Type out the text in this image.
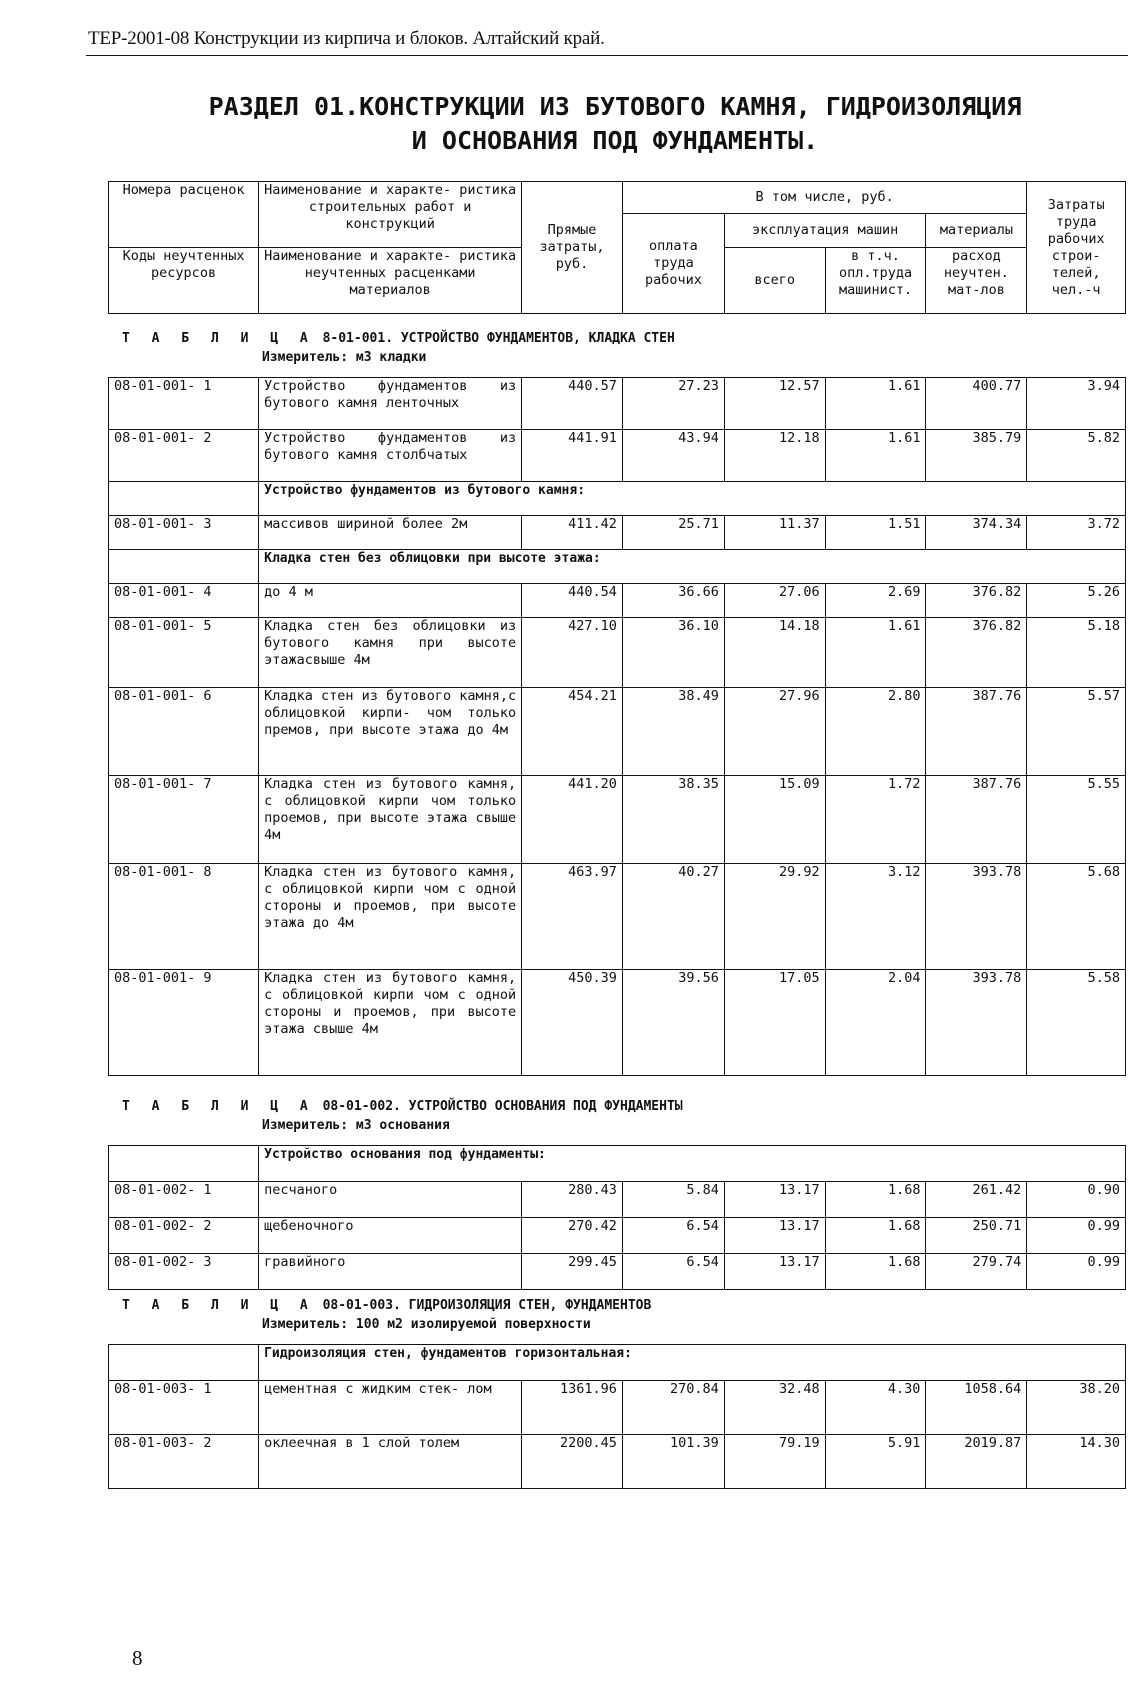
ТЕР-2001-08 Конструкции из кирпича и блоков. Алтайский край.
РАЗДЕЛ 01.КОНСТРУКЦИИ ИЗ БУТОВОГО КАМНЯ, ГИДРОИЗОЛЯЦИЯ
И ОСНОВАНИЯ ПОД ФУНДАМЕНТЫ.
Номера расценок	Наименование и характе- ристика строительных работ и конструкций	Прямые затраты, руб.	В том числе, руб.				Затраты труда рабочих строи- телей, чел.-ч
			оплата труда рабочих	эксплуатация машин		материалы	
Коды неучтенных ресурсов	Наименование и характе- ристика неучтенных расценками материалов			всего	в т.ч. опл.труда машинист.	расход неучтен. мат-лов	
Т А Б Л И Ц А 8-01-001. УСТРОЙСТВО ФУНДАМЕНТОВ, КЛАДКА СТЕН
Измеритель: м3 кладки
08-01-001- 1	Устройство фундаментов из бутового камня ленточных	440.57	27.23	12.57	1.61	400.77	3.94
08-01-001- 2	Устройство фундаментов из бутового камня столбчатых	441.91	43.94	12.18	1.61	385.79	5.82
	Устройство фундаментов из бутового камня:						
08-01-001- 3	массивов шириной более 2м	411.42	25.71	11.37	1.51	374.34	3.72
	Кладка стен без облицовки при высоте этажа:						
08-01-001- 4	до 4 м	440.54	36.66	27.06	2.69	376.82	5.26
08-01-001- 5	Кладка стен без облицовки из бутового камня при высоте этажасвыше 4м	427.10	36.10	14.18	1.61	376.82	5.18
08-01-001- 6	Кладка стен из бутового камня,с облицовкой кирпи- чом только премов, при высоте этажа до 4м	454.21	38.49	27.96	2.80	387.76	5.57
08-01-001- 7	Кладка стен из бутового камня, с облицовкой кирпи чом только проемов, при высоте этажа свыше 4м	441.20	38.35	15.09	1.72	387.76	5.55
08-01-001- 8	Кладка стен из бутового камня, с облицовкой кирпи чом с одной стороны и проемов, при высоте этажа до 4м	463.97	40.27	29.92	3.12	393.78	5.68
08-01-001- 9	Кладка стен из бутового камня, с облицовкой кирпи чом с одной стороны и проемов, при высоте этажа свыше 4м	450.39	39.56	17.05	2.04	393.78	5.58
Т А Б Л И Ц А 08-01-002. УСТРОЙСТВО ОСНОВАНИЯ ПОД ФУНДАМЕНТЫ
Измеритель: м3 основания
	Устройство основания под фундаменты:						
08-01-002- 1	песчаного	280.43	5.84	13.17	1.68	261.42	0.90
08-01-002- 2	щебеночного	270.42	6.54	13.17	1.68	250.71	0.99
08-01-002- 3	гравийного	299.45	6.54	13.17	1.68	279.74	0.99
Т А Б Л И Ц А 08-01-003. ГИДРОИЗОЛЯЦИЯ СТЕН, ФУНДАМЕНТОВ
Измеритель: 100 м2 изолируемой поверхности
	Гидроизоляция стен, фундаментов горизонтальная:						
08-01-003- 1	цементная с жидким стек- лом	1361.96	270.84	32.48	4.30	1058.64	38.20
08-01-003- 2	оклеечная в 1 слой толем	2200.45	101.39	79.19	5.91	2019.87	14.30
8
